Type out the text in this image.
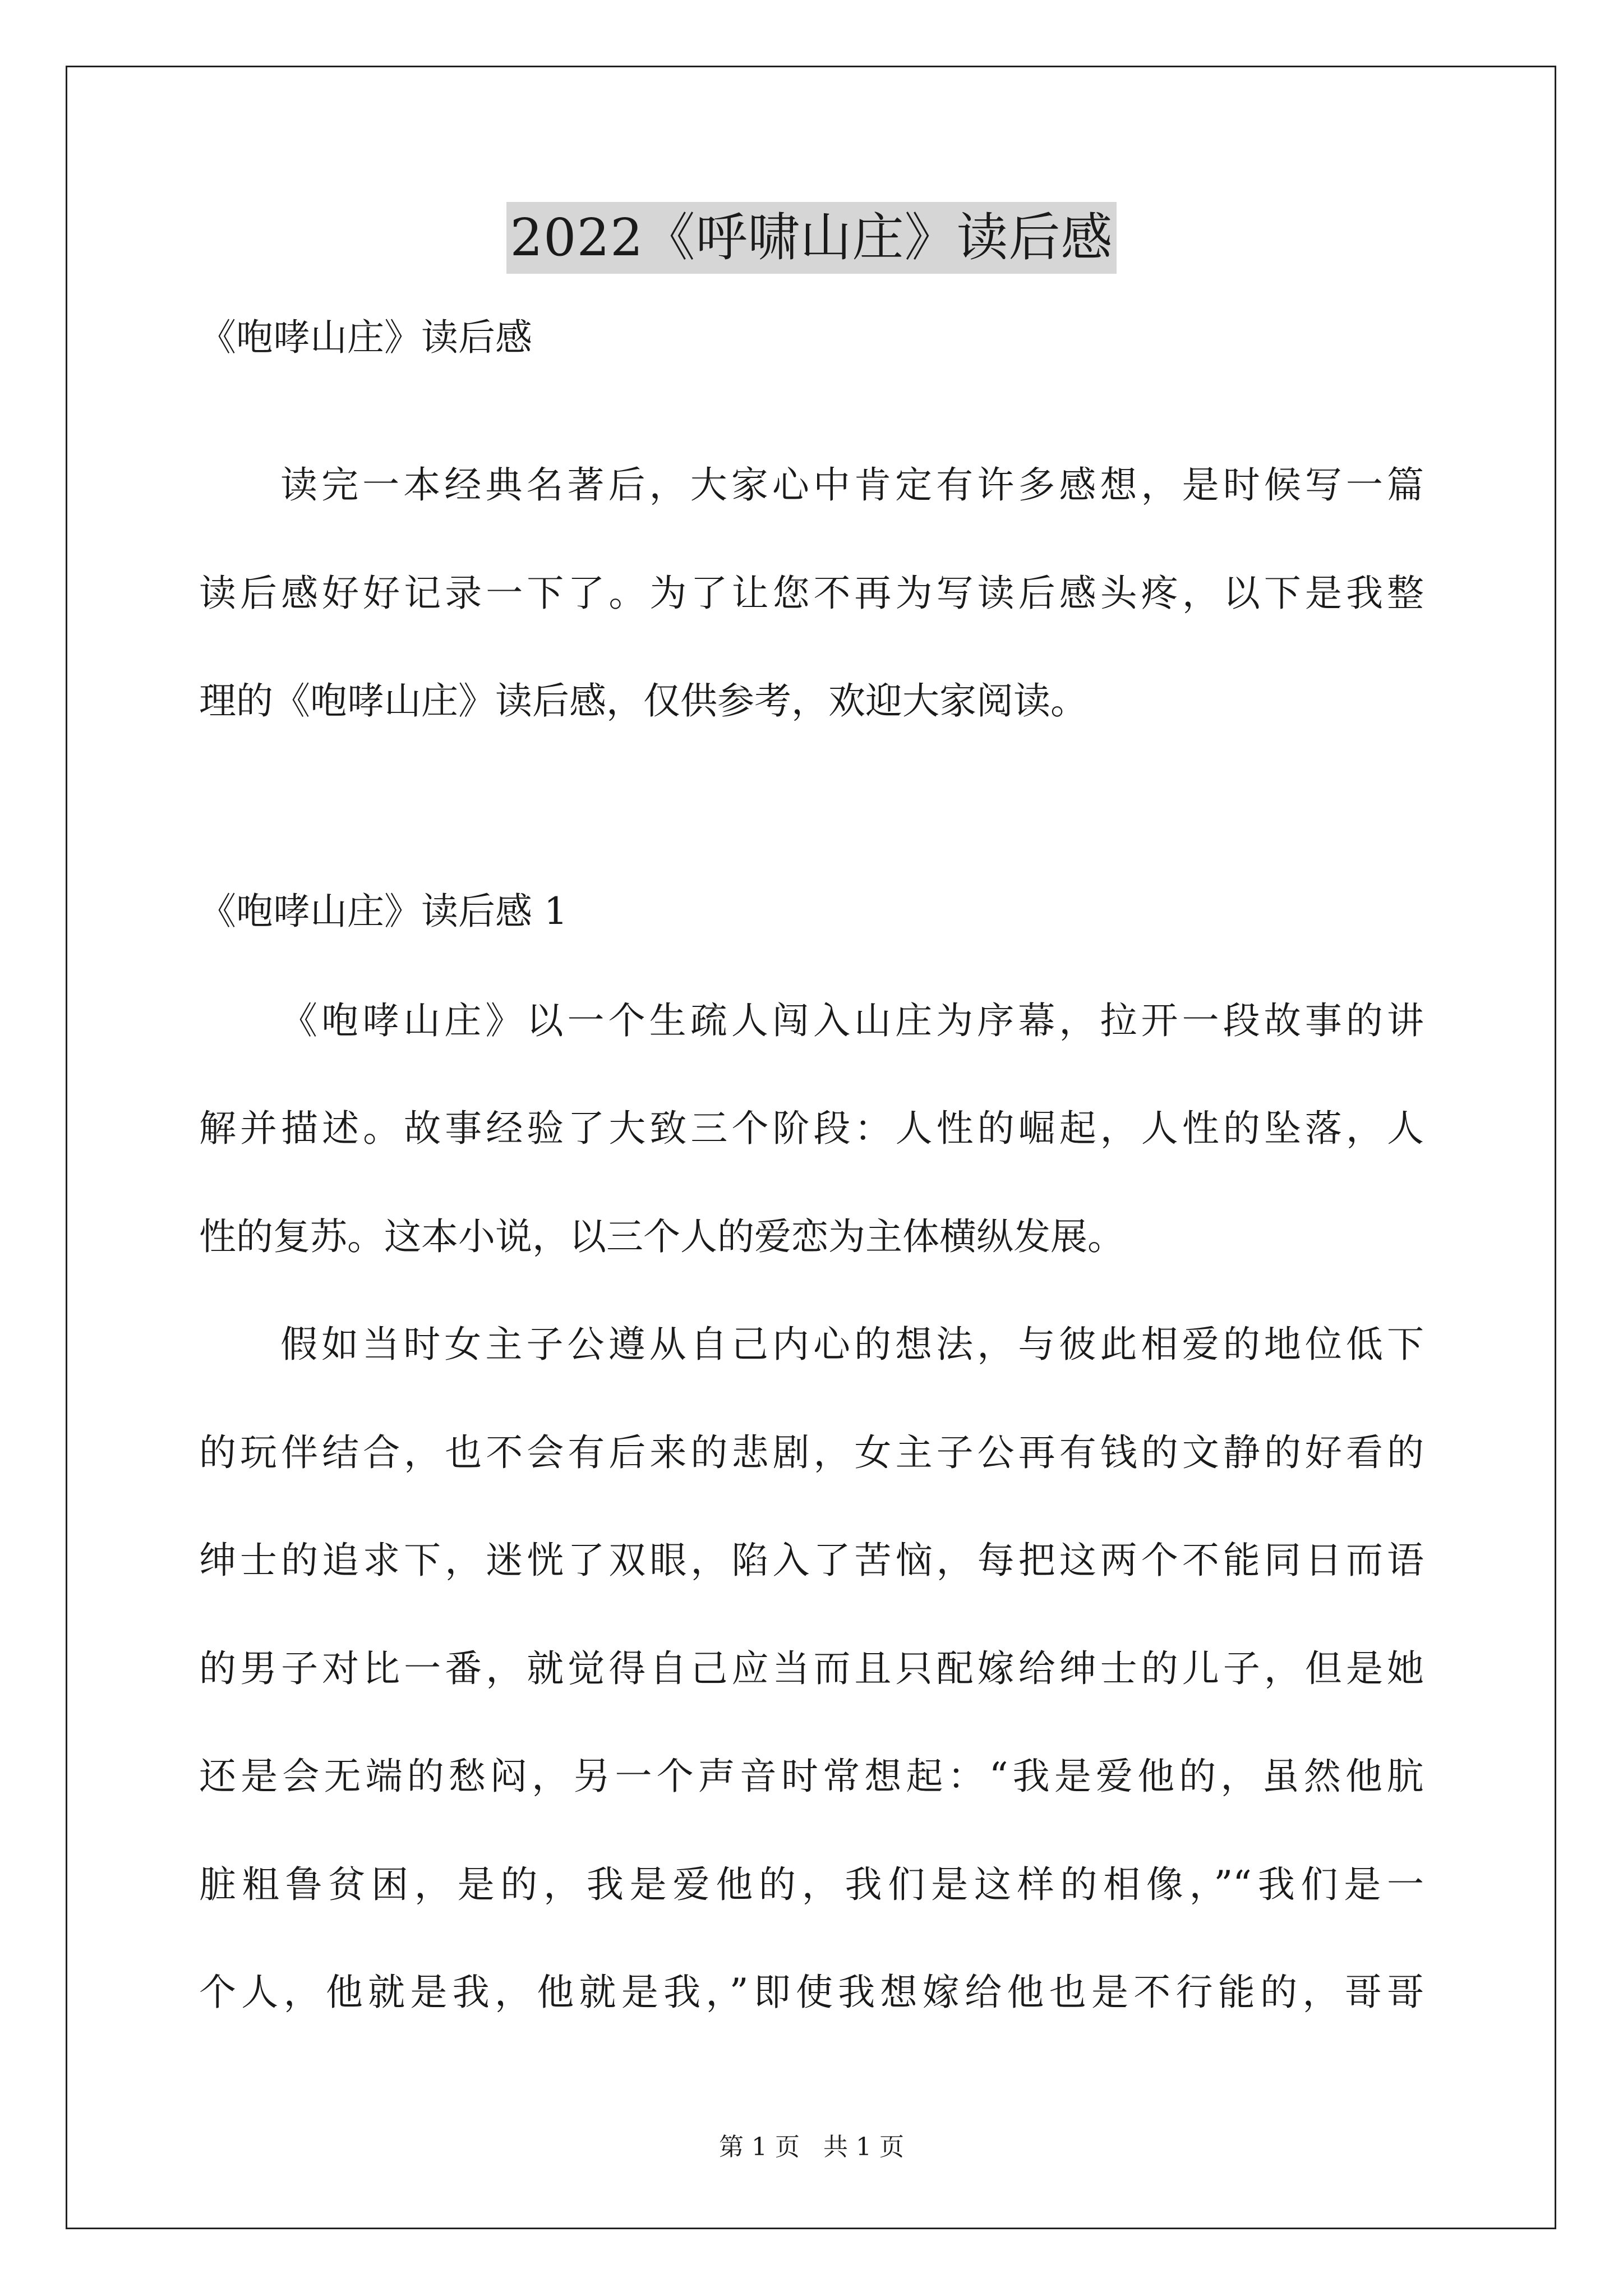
2022《呼啸山庄》读后感
《咆哮山庄》读后感
读完一本经典名著后，大家心中肯定有许多感想，是时候写一篇
读后感好好记录一下了。为了让您不再为写读后感头疼，以下是我整
理的《咆哮山庄》读后感，仅供参考，欢迎大家阅读。
《咆哮山庄》读后感 1
《咆哮山庄》以一个生疏人闯入山庄为序幕，拉开一段故事的讲
解并描述。故事经验了大致三个阶段：人性的崛起，人性的坠落，人
性的复苏。这本小说，以三个人的爱恋为主体横纵发展。
假如当时女主子公遵从自己内心的想法，与彼此相爱的地位低下
的玩伴结合，也不会有后来的悲剧，女主子公再有钱的文静的好看的
绅士的追求下，迷恍了双眼，陷入了苦恼，每把这两个不能同日而语
的男子对比一番，就觉得自己应当而且只配嫁给绅士的儿子，但是她
还是会无端的愁闷，另一个声音时常想起：“我是爱他的，虽然他肮
脏粗鲁贫困，是的，我是爱他的，我们是这样的相像，”“我们是一
个人，他就是我，他就是我，”即使我想嫁给他也是不行能的，哥哥
第 1 页 共 1 页
